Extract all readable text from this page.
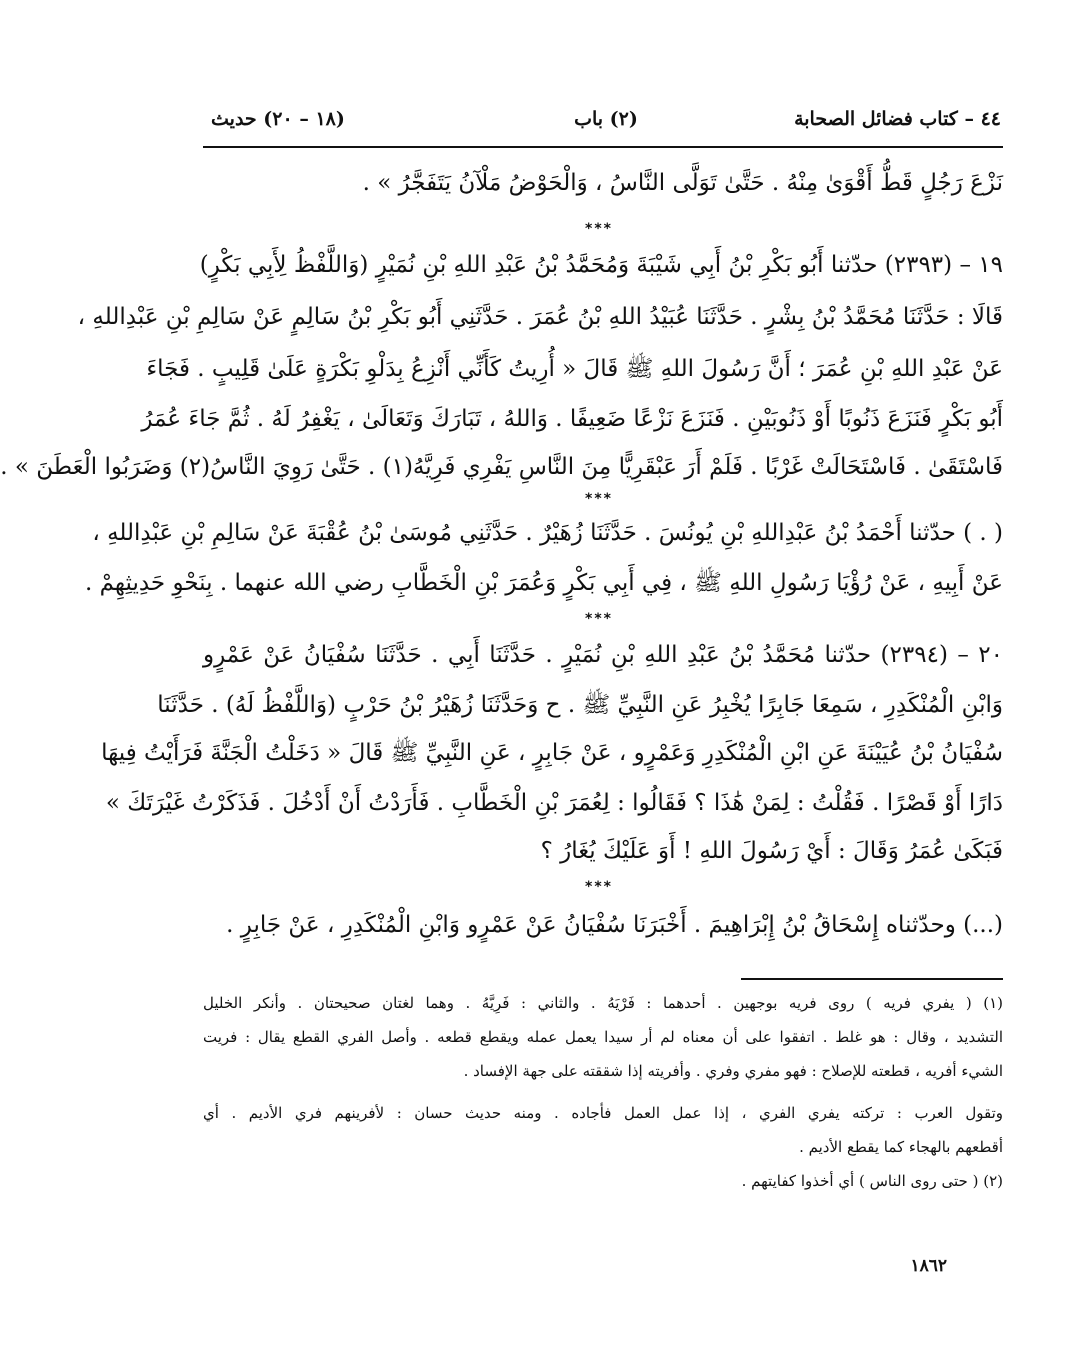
٤٤ – كتاب فضائل الصحابة
(٢) باب
(١٨ – ٢٠) حديث
نَزْعَ رَجُلٍ قَطُّ أَقْوَىٰ مِنْهُ . حَتَّىٰ تَوَلَّى النَّاسُ ، وَالْحَوْضُ مَلْآنُ يَتَفَجَّرُ » .
***
١٩ – (٢٣٩٣) حدّثنا أَبُو بَكْرِ بْنُ أَبِي شَيْبَةَ وَمُحَمَّدُ بْنُ عَبْدِ اللهِ بْنِ نُمَيْرٍ (وَاللَّفْظُ لِأَبِي بَكْرٍ)
قَالَا : حَدَّثَنَا مُحَمَّدُ بْنُ بِشْرٍ . حَدَّثَنَا عُبَيْدُ اللهِ بْنُ عُمَرَ . حَدَّثَنِي أَبُو بَكْرِ بْنُ سَالِمٍ عَنْ سَالِمِ بْنِ عَبْدِاللهِ ،
عَنْ عَبْدِ اللهِ بْنِ عُمَرَ ؛ أَنَّ رَسُولَ اللهِ ﷺ قَالَ « أُرِيتُ كَأَنِّي أَنْزِعُ بِدَلْوِ بَكْرَةٍ عَلَىٰ قَلِيبٍ . فَجَاءَ
أَبُو بَكْرٍ فَنَزَعَ ذَنُوبًا أَوْ ذَنُوبَيْنِ . فَنَزَعَ نَزْعًا ضَعِيفًا . وَاللهُ ، تَبَارَكَ وَتَعَالَىٰ ، يَغْفِرُ لَهُ . ثُمَّ جَاءَ عُمَرُ
فَاسْتَقَىٰ . فَاسْتَحَالَتْ غَرْبًا . فَلَمْ أَرَ عَبْقَرِيًّا مِنَ النَّاسِ يَفْرِي فَرِيَّهُ(١) . حَتَّىٰ رَوِيَ النَّاسُ(٢) وَضَرَبُوا الْعَطَنَ » .
***
( . ) حدّثنا أَحْمَدُ بْنُ عَبْدِاللهِ بْنِ يُونُسَ . حَدَّثَنَا زُهَيْرٌ . حَدَّثَنِي مُوسَىٰ بْنُ عُقْبَةَ عَنْ سَالِمِ بْنِ عَبْدِاللهِ ،
عَنْ أَبِيهِ ، عَنْ رُؤْيَا رَسُولِ اللهِ ﷺ ، فِي أَبِي بَكْرٍ وَعُمَرَ بْنِ الْخَطَّابِ رضي الله عنهما . بِنَحْوِ حَدِيثِهِمْ .
***
٢٠ – (٢٣٩٤) حدّثنا مُحَمَّدُ بْنُ عَبْدِ اللهِ بْنِ نُمَيْرٍ . حَدَّثَنَا أَبِي . حَدَّثَنَا سُفْيَانُ عَنْ عَمْرٍو
وَابْنِ الْمُنْكَدِرِ ، سَمِعَا جَابِرًا يُخْبِرُ عَنِ النَّبِيِّ ﷺ . ح وَحَدَّثَنَا زُهَيْرُ بْنُ حَرْبٍ (وَاللَّفْظُ لَهُ) . حَدَّثَنَا
سُفْيَانُ بْنُ عُيَيْنَةَ عَنِ ابْنِ الْمُنْكَدِرِ وَعَمْرٍو ، عَنْ جَابِرٍ ، عَنِ النَّبِيِّ ﷺ قَالَ « دَخَلْتُ الْجَنَّةَ فَرَأَيْتُ فِيهَا
دَارًا أَوْ قَصْرًا . فَقُلْتُ : لِمَنْ هَٰذَا ؟ فَقَالُوا : لِعُمَرَ بْنِ الْخَطَّابِ . فَأَرَدْتُ أَنْ أَدْخُلَ . فَذَكَرْتُ غَيْرَتَكَ »
فَبَكَىٰ عُمَرُ وَقَالَ : أَيْ رَسُولَ اللهِ ! أَوَ عَلَيْكَ يُغَارُ ؟
***
(...) وحدّثناه إِسْحَاقُ بْنُ إِبْرَاهِيمَ . أَخْبَرَنَا سُفْيَانُ عَنْ عَمْرٍو وَابْنِ الْمُنْكَدِرِ ، عَنْ جَابِرٍ .
(١) ( يفري فريه ) روى فريه بوجهين . أحدهما : فَرْيَهُ . والثاني : فَرِيَّهُ . وهما لغتان صحيحتان . وأنكر الخليل
التشديد ، وقال : هو غلط . اتفقوا على أن معناه لم أر سيدا يعمل عمله ويقطع قطعه . وأصل الفري القطع يقال : فريت
الشيء أفريه ، قطعته للإصلاح : فهو مفري وفري . وأفريته إذا شققته على جهة الإفساد .
وتقول العرب : تركته يفري الفري ، إذا عمل العمل فأجاده . ومنه حديث حسان : لأفرينهم فري الأديم . أي
أقطعهم بالهجاء كما يقطع الأديم .
(٢) ( حتى روى الناس ) أي أخذوا كفايتهم .
١٨٦٢
